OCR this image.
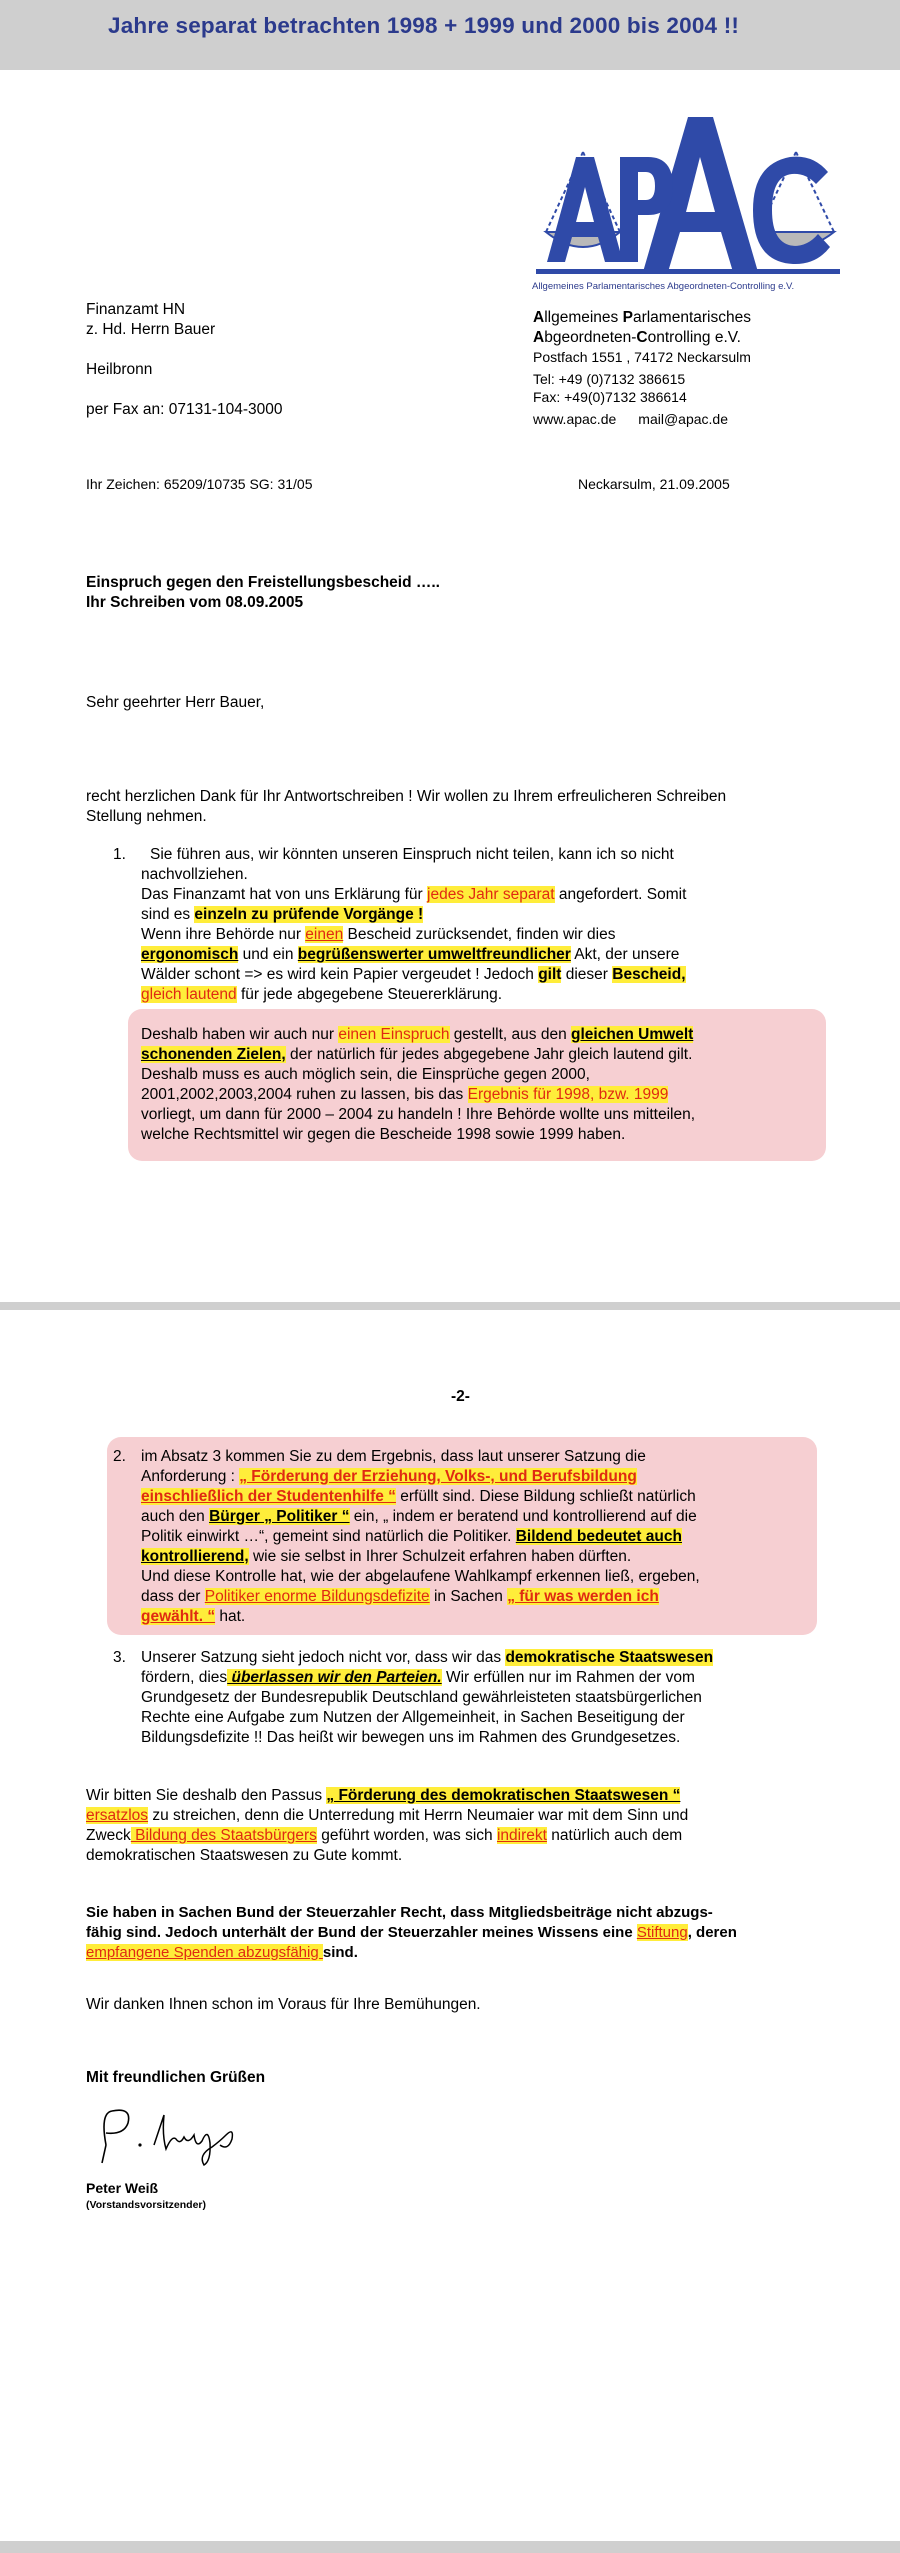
Jahre separat betrachten 1998 + 1999 und 2000 bis 2004 !!
Allgemeines Parlamentarisches Abgeordneten-Controlling e.V.
Finanzamt HN
z. Hd. Herrn Bauer
Heilbronn
per Fax an: 07131-104-3000
Allgemeines Parlamentarisches
Abgeordneten-Controlling e.V.
Postfach 1551 , 74172 Neckarsulm
Tel: +49 (0)7132 386615
Fax: +49(0)7132 386614
www.apac.de mail@apac.de
Ihr Zeichen: 65209/10735 SG: 31/05	Neckarsulm, 21.09.2005
Einspruch gegen den Freistellungsbescheid …..
Ihr Schreiben vom 08.09.2005
Sehr geehrter Herr Bauer,
recht herzlichen Dank für Ihr Antwortschreiben ! Wir wollen zu Ihrem erfreulicheren Schreiben Stellung nehmen.
1.	Sie führen aus, wir könnten unseren Einspruch nicht teilen, kann ich so nicht nachvollziehen.
Das Finanzamt hat von uns Erklärung für jedes Jahr separat angefordert. Somit
sind es einzeln zu prüfende Vorgänge !
Wenn ihre Behörde nur einen Bescheid zurücksendet, finden wir dies
ergonomisch und ein begrüßenswerter umweltfreundlicher Akt, der unsere
Wälder schont => es wird kein Papier vergeudet ! Jedoch gilt dieser Bescheid,
gleich lautend für jede abgegebene Steuererklärung.
Deshalb haben wir auch nur einen Einspruch gestellt, aus den gleichen Umwelt
schonenden Zielen, der natürlich für jedes abgegebene Jahr gleich lautend gilt.
Deshalb muss es auch möglich sein, die Einsprüche gegen 2000,
2001,2002,2003,2004 ruhen zu lassen, bis das Ergebnis für 1998, bzw. 1999
vorliegt, um dann für 2000 – 2004 zu handeln ! Ihre Behörde wollte uns mitteilen,
welche Rechtsmittel wir gegen die Bescheide 1998 sowie 1999 haben.
-2-
2. im Absatz 3 kommen Sie zu dem Ergebnis, dass laut unserer Satzung die
Anforderung : „ Förderung der Erziehung, Volks-, und Berufsbildung
einschließlich der Studentenhilfe “ erfüllt sind. Diese Bildung schließt natürlich
auch den Bürger „ Politiker “ ein, „ indem er beratend und kontrollierend auf die
Politik einwirkt …“, gemeint sind natürlich die Politiker. Bildend bedeutet auch
kontrollierend, wie sie selbst in Ihrer Schulzeit erfahren haben dürften.
Und diese Kontrolle hat, wie der abgelaufene Wahlkampf erkennen ließ, ergeben,
dass der Politiker enorme Bildungsdefizite in Sachen „ für was werden ich
gewählt. “ hat.
3. Unserer Satzung sieht jedoch nicht vor, dass wir das demokratische Staatswesen
fördern, dies überlassen wir den Parteien. Wir erfüllen nur im Rahmen der vom
Grundgesetz der Bundesrepublik Deutschland gewährleisteten staatsbürgerlichen
Rechte eine Aufgabe zum Nutzen der Allgemeinheit, in Sachen Beseitigung der
Bildungsdefizite !! Das heißt wir bewegen uns im Rahmen des Grundgesetzes.
Wir bitten Sie deshalb den Passus „ Förderung des demokratischen Staatswesen “
ersatzlos zu streichen, denn die Unterredung mit Herrn Neumaier war mit dem Sinn und
Zweck Bildung des Staatsbürgers geführt worden, was sich indirekt natürlich auch dem
demokratischen Staatswesen zu Gute kommt.
Sie haben in Sachen Bund der Steuerzahler Recht, dass Mitgliedsbeiträge nicht abzugs-
fähig sind. Jedoch unterhält der Bund der Steuerzahler meines Wissens eine Stiftung, deren
empfangene Spenden abzugsfähig sind.
Wir danken Ihnen schon im Voraus für Ihre Bemühungen.
Mit freundlichen Grüßen
Peter Weiß
(Vorstandsvorsitzender)
